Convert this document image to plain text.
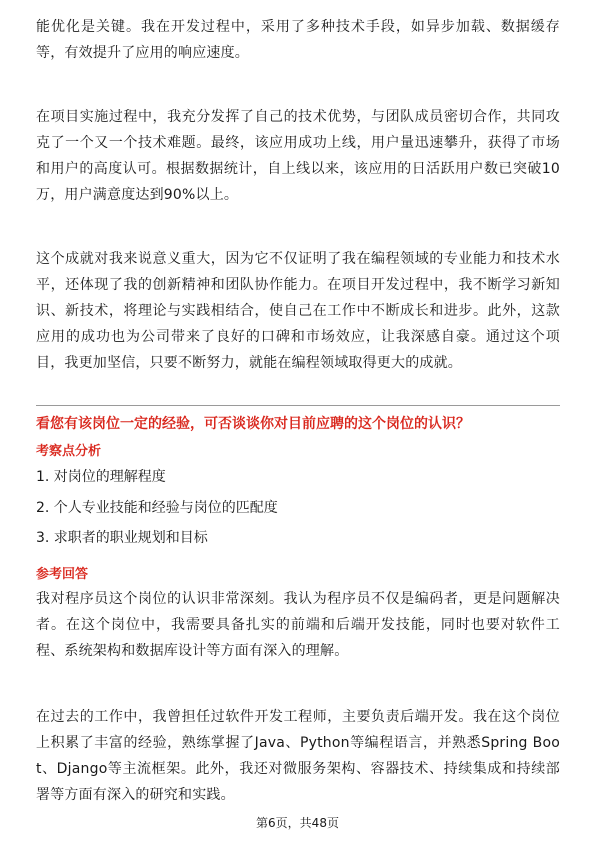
能优化是关键。我在开发过程中，采用了多种技术手段，如异步加载、数据缓存等，有效提升了应用的响应速度。

在项目实施过程中，我充分发挥了自己的技术优势，与团队成员密切合作，共同攻克了一个又一个技术难题。最终，该应用成功上线，用户量迅速攀升，获得了市场和用户的高度认可。根据数据统计，自上线以来，该应用的日活跃用户数已突破10万，用户满意度达到90%以上。

这个成就对我来说意义重大，因为它不仅证明了我在编程领域的专业能力和技术水平，还体现了我的创新精神和团队协作能力。在项目开发过程中，我不断学习新知识、新技术，将理论与实践相结合，使自己在工作中不断成长和进步。此外，这款应用的成功也为公司带来了良好的口碑和市场效应，让我深感自豪。通过这个项目，我更加坚信，只要不断努力，就能在编程领域取得更大的成就。

看您有该岗位一定的经验，可否谈谈你对目前应聘的这个岗位的认识？

考察点分析

1. 对岗位的理解程度

2. 个人专业技能和经验与岗位的匹配度

3. 求职者的职业规划和目标

参考回答

我对程序员这个岗位的认识非常深刻。我认为程序员不仅是编码者，更是问题解决者。在这个岗位中，我需要具备扎实的前端和后端开发技能，同时也要对软件工程、系统架构和数据库设计等方面有深入的理解。

在过去的工作中，我曾担任过软件开发工程师，主要负责后端开发。我在这个岗位上积累了丰富的经验，熟练掌握了Java、Python等编程语言，并熟悉Spring Boot、Django等主流框架。此外，我还对微服务架构、容器技术、持续集成和持续部署等方面有深入的研究和实践。

第6页，共48页
